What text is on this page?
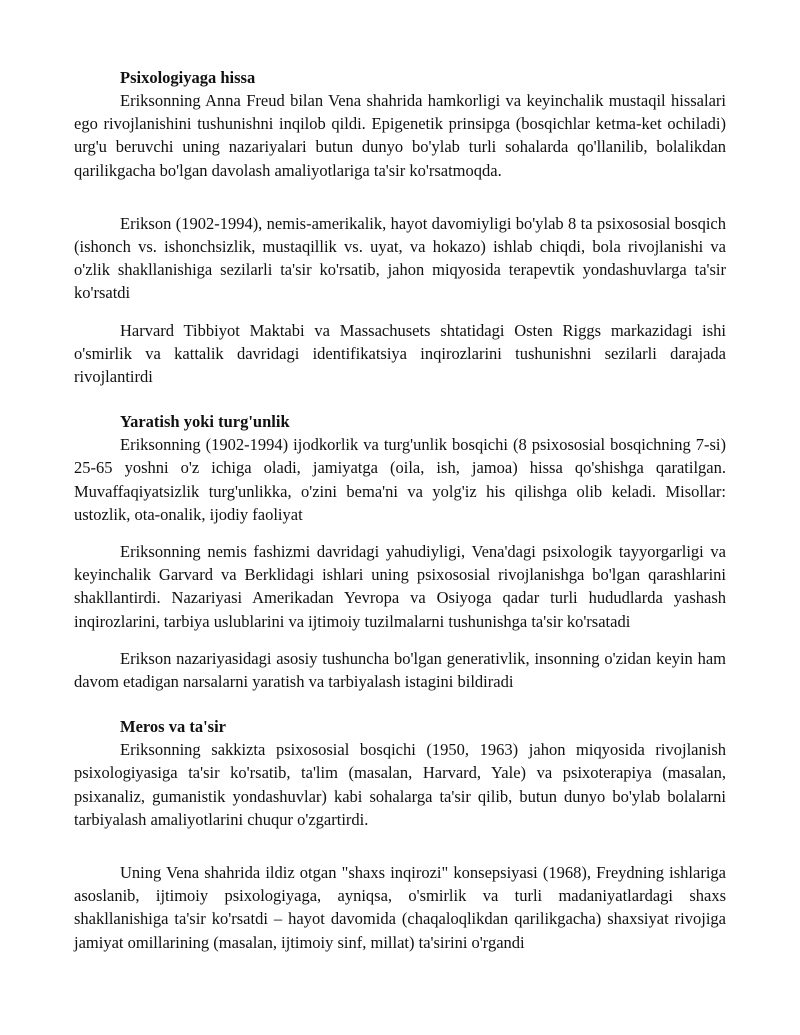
Psixologiyaga hissa

Eriksonning Anna Freud bilan Vena shahrida hamkorligi va keyinchalik mustaqil hissalari ego rivojlanishini tushunishni inqilob qildi. Epigenetik prinsipga (bosqichlar ketma-ket ochiladi) urg'u beruvchi uning nazariyalari butun dunyo bo'ylab turli sohalarda qo'llanilib, bolalikdan qarilikgacha bo'lgan davolash amaliyotlariga ta'sir ko'rsatmoqda.

Erikson (1902-1994), nemis-amerikalik, hayot davomiyligi bo'ylab 8 ta psixososial bosqich (ishonch vs. ishonchsizlik, mustaqillik vs. uyat, va hokazo) ishlab chiqdi, bola rivojlanishi va o'zlik shakllanishiga sezilarli ta'sir ko'rsatib, jahon miqyosida terapevtik yondashuvlarga ta'sir ko'rsatdi

Harvard Tibbiyot Maktabi va Massachusets shtatidagi Osten Riggs markazidagi ishi o'smirlik va kattalik davridagi identifikatsiya inqirozlarini tushunishni sezilarli darajada rivojlantirdi

Yaratish yoki turg'unlik

Eriksonning (1902-1994) ijodkorlik va turg'unlik bosqichi (8 psixososial bosqichning 7-si) 25-65 yoshni o'z ichiga oladi, jamiyatga (oila, ish, jamoa) hissa qo'shishga qaratilgan. Muvaffaqiyatsizlik turg'unlikka, o'zini bema'ni va yolg'iz his qilishga olib keladi. Misollar: ustozlik, ota-onalik, ijodiy faoliyat

Eriksonning nemis fashizmi davridagi yahudiyligi, Vena'dagi psixologik tayyorgarligi va keyinchalik Garvard va Berklidagi ishlari uning psixososial rivojlanishga bo'lgan qarashlarini shakllantirdi. Nazariyasi Amerikadan Yevropa va Osiyoga qadar turli hududlarda yashash inqirozlarini, tarbiya uslublarini va ijtimoiy tuzilmalarni tushunishga ta'sir ko'rsatadi

Erikson nazariyasidagi asosiy tushuncha bo'lgan generativlik, insonning o'zidan keyin ham davom etadigan narsalarni yaratish va tarbiyalash istagini bildiradi

Meros va ta'sir

Eriksonning sakkizta psixososial bosqichi (1950, 1963) jahon miqyosida rivojlanish psixologiyasiga ta'sir ko'rsatib, ta'lim (masalan, Harvard, Yale) va psixoterapiya (masalan, psixanaliz, gumanistik yondashuvlar) kabi sohalarga ta'sir qilib, butun dunyo bo'ylab bolalarni tarbiyalash amaliyotlarini chuqur o'zgartirdi.

Uning Vena shahrida ildiz otgan "shaxs inqirozi" konsepsiyasi (1968), Freydning ishlariga asoslanib, ijtimoiy psixologiyaga, ayniqsa, o'smirlik va turli madaniyatlardagi shaxs shakllanishiga ta'sir ko'rsatdi – hayot davomida (chaqaloqlikdan qarilikgacha) shaxsiyat rivojiga jamiyat omillarining (masalan, ijtimoiy sinf, millat) ta'sirini o'rgandi
